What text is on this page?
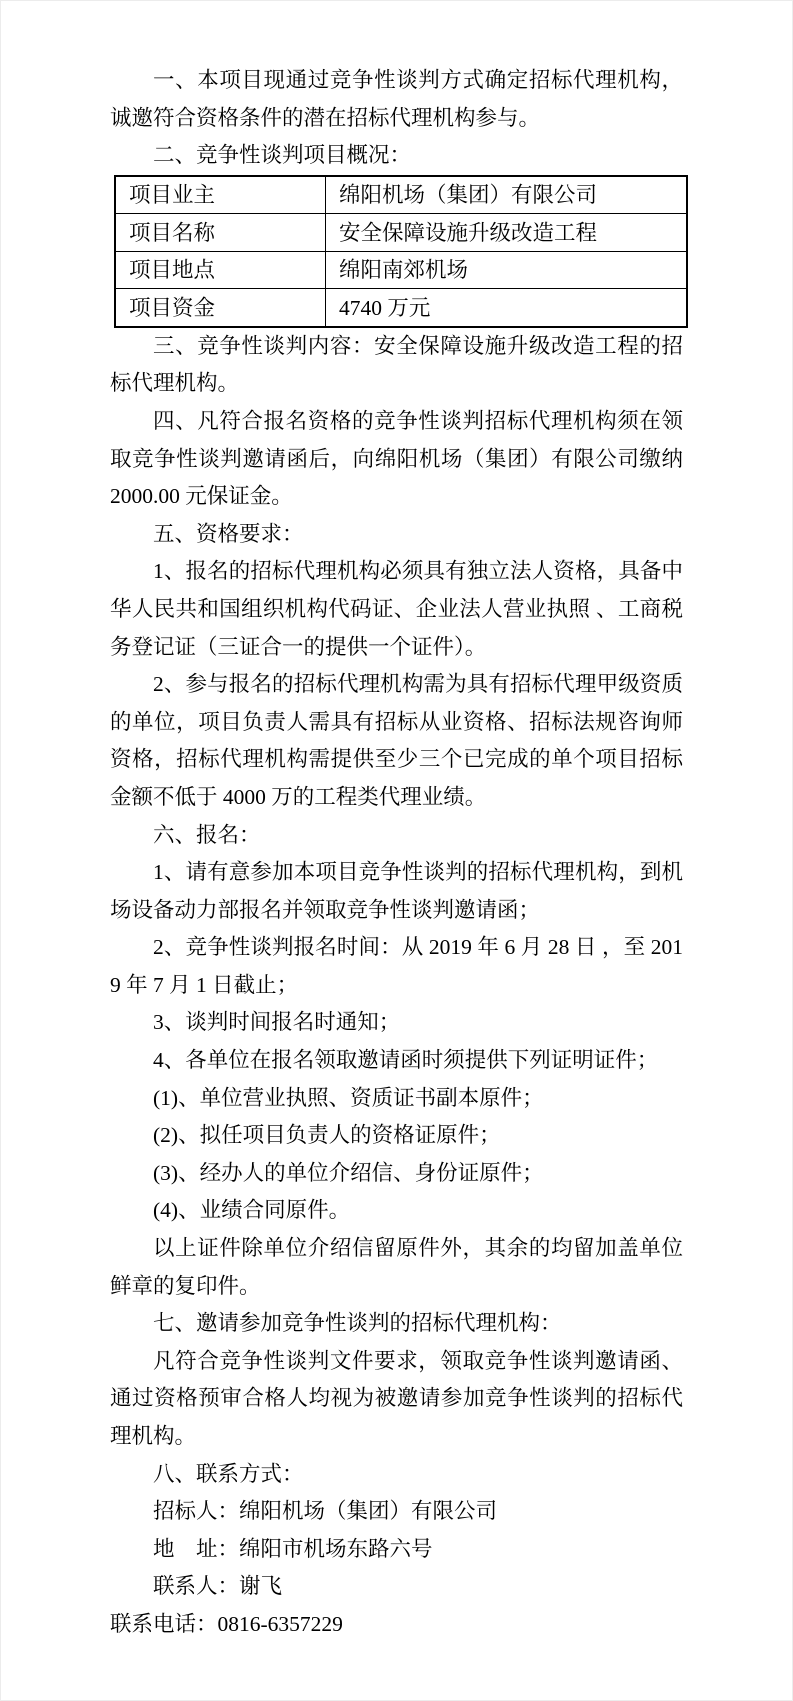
一、本项目现通过竞争性谈判方式确定招标代理机构，诚邀符合资格条件的潜在招标代理机构参与。

二、竞争性谈判项目概况：

项目业主	绵阳机场（集团）有限公司
项目名称	安全保障设施升级改造工程
项目地点	绵阳南郊机场
项目资金	4740 万元

三、竞争性谈判内容：安全保障设施升级改造工程的招标代理机构。

四、凡符合报名资格的竞争性谈判招标代理机构须在领取竞争性谈判邀请函后，向绵阳机场（集团）有限公司缴纳 2000.00 元保证金。

五、资格要求：

1、报名的招标代理机构必须具有独立法人资格，具备中华人民共和国组织机构代码证、企业法人营业执照 、工商税务登记证（三证合一的提供一个证件）。

2、参与报名的招标代理机构需为具有招标代理甲级资质的单位，项目负责人需具有招标从业资格、招标法规咨询师资格，招标代理机构需提供至少三个已完成的单个项目招标金额不低于 4000 万的工程类代理业绩。

六、报名：

1、请有意参加本项目竞争性谈判的招标代理机构，到机场设备动力部报名并领取竞争性谈判邀请函；

2、竞争性谈判报名时间：从 2019 年 6 月 28 日 ，至 2019 年 7 月 1 日截止；

3、谈判时间报名时通知；

4、各单位在报名领取邀请函时须提供下列证明证件；

(1)、单位营业执照、资质证书副本原件；

(2)、拟任项目负责人的资格证原件；

(3)、经办人的单位介绍信、身份证原件；

(4)、业绩合同原件。

以上证件除单位介绍信留原件外，其余的均留加盖单位鲜章的复印件。

七、邀请参加竞争性谈判的招标代理机构：

凡符合竞争性谈判文件要求，领取竞争性谈判邀请函、通过资格预审合格人均视为被邀请参加竞争性谈判的招标代理机构。

八、联系方式：

招标人：绵阳机场（集团）有限公司

地　址：绵阳市机场东路六号

联系人：谢飞

联系电话：0816-6357229
